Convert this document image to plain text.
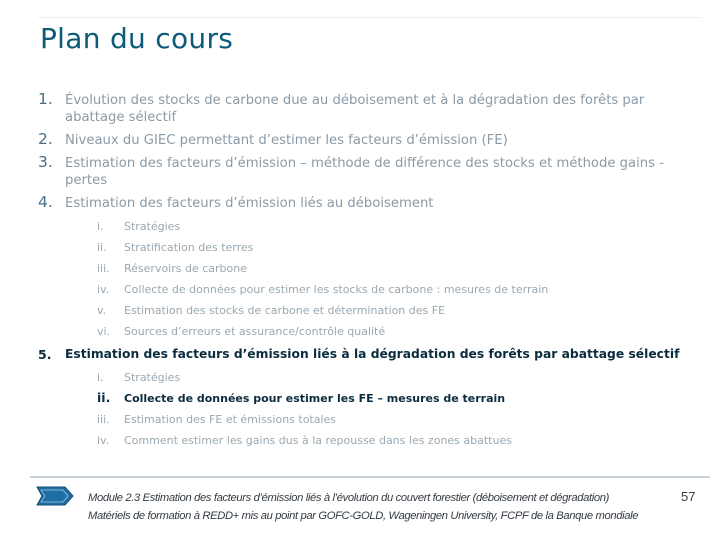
Plan du cours
1. Évolution des stocks de carbone due au déboisement et à la dégradation des forêts par abattage sélectif
2. Niveaux du GIEC permettant d’estimer les facteurs d’émission (FE)
3. Estimation des facteurs d’émission – méthode de différence des stocks et méthode gains -pertes
4. Estimation des facteurs d’émission liés au déboisement
i. Stratégies
ii. Stratification des terres
iii. Réservoirs de carbone
iv. Collecte de données pour estimer les stocks de carbone : mesures de terrain
v. Estimation des stocks de carbone et détermination des FE
vi. Sources d’erreurs et assurance/contrôle qualité
5. Estimation des facteurs d’émission liés à la dégradation des forêts par abattage sélectif
i. Stratégies
ii. Collecte de données pour estimer les FE – mesures de terrain
iii. Estimation des FE et émissions totales
iv. Comment estimer les gains dus à la repousse dans les zones abattues
Module 2.3 Estimation des facteurs d’émission liés à l’évolution du couvert forestier (déboisement et dégradation)
Matériels de formation à REDD+ mis au point par GOFC-GOLD, Wageningen University, FCPF de la Banque mondiale
57
